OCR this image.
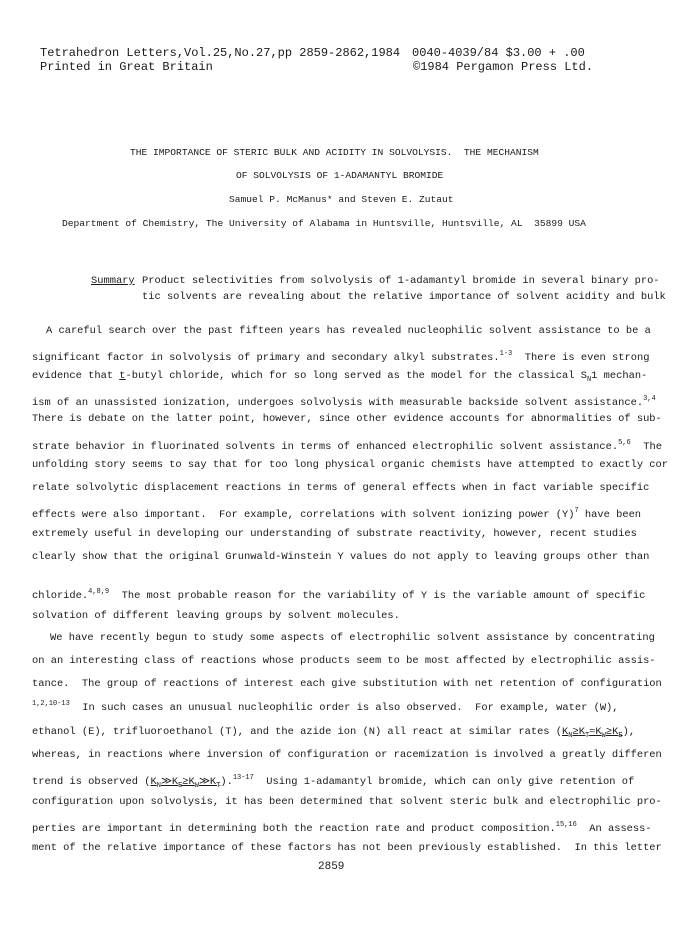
Tetrahedron Letters,Vol.25,No.27,pp 2859-2862,1984 0040-4039/84 $3.00 + .00
Printed in Great Britain	©1984 Pergamon Press Ltd.
THE IMPORTANCE OF STERIC BULK AND ACIDITY IN SOLVOLYSIS.  THE MECHANISM
OF SOLVOLYSIS OF 1-ADAMANTYL BROMIDE
Samuel P. McManus* and Steven E. Zutaut
Department of Chemistry, The University of Alabama in Huntsville, Huntsville, AL  35899 USA
Summary Product selectivities from solvolysis of 1-adamantyl bromide in several binary pro-
tic solvents are revealing about the relative importance of solvent acidity and bulk
A careful search over the past fifteen years has revealed nucleophilic solvent assistance to be a
significant factor in solvolysis of primary and secondary alkyl substrates.$^{1-3}$  There is even strong
evidence that t-butyl chloride, which for so long served as the model for the classical $S_N1$ mechan-
ism of an unassisted ionization, undergoes solvolysis with measurable backside solvent assistance.$^{3,4}$
There is debate on the latter point, however, since other evidence accounts for abnormalities of sub-
strate behavior in fluorinated solvents in terms of enhanced electrophilic solvent assistance.$^{5,6}$  The
unfolding story seems to say that for too long physical organic chemists have attempted to exactly cor
relate solvolytic displacement reactions in terms of general effects when in fact variable specific
effects were also important.  For example, correlations with solvent ionizing power $(Y)^7$ have been
extremely useful in developing our understanding of substrate reactivity, however, recent studies
clearly show that the original Grunwald-Winstein Y values do not apply to leaving groups other than
chloride.$^{4,8,9}$  The most probable reason for the variability of Y is the variable amount of specific
solvation of different leaving groups by solvent molecules.
We have recently begun to study some aspects of electrophilic solvent assistance by concentrating
on an interesting class of reactions whose products seem to be most affected by electrophilic assis-
tance.  The group of reactions of interest each give substitution with net retention of configuration
$^{1,2,10-13}$  In such cases an unusual nucleophilic order is also observed.  For example, water (W),
ethanol (E), trifluoroethanol (T), and the azide ion (N) all react at similar rates $(K_N\ge K_T\approx K_W\ge K_E)$,
whereas, in reactions where inversion of configuration or racemization is involved a greatly differen
trend is observed $(K_N≫K_E\ge K_W≫K_T).^{13-17}$  Using 1-adamantyl bromide, which can only give retention of
configuration upon solvolysis, it has been determined that solvent steric bulk and electrophilic pro-
perties are important in determining both the reaction rate and product composition.$^{15,16}$  An assess-
ment of the relative importance of these factors has not been previously established.  In this letter
2859
